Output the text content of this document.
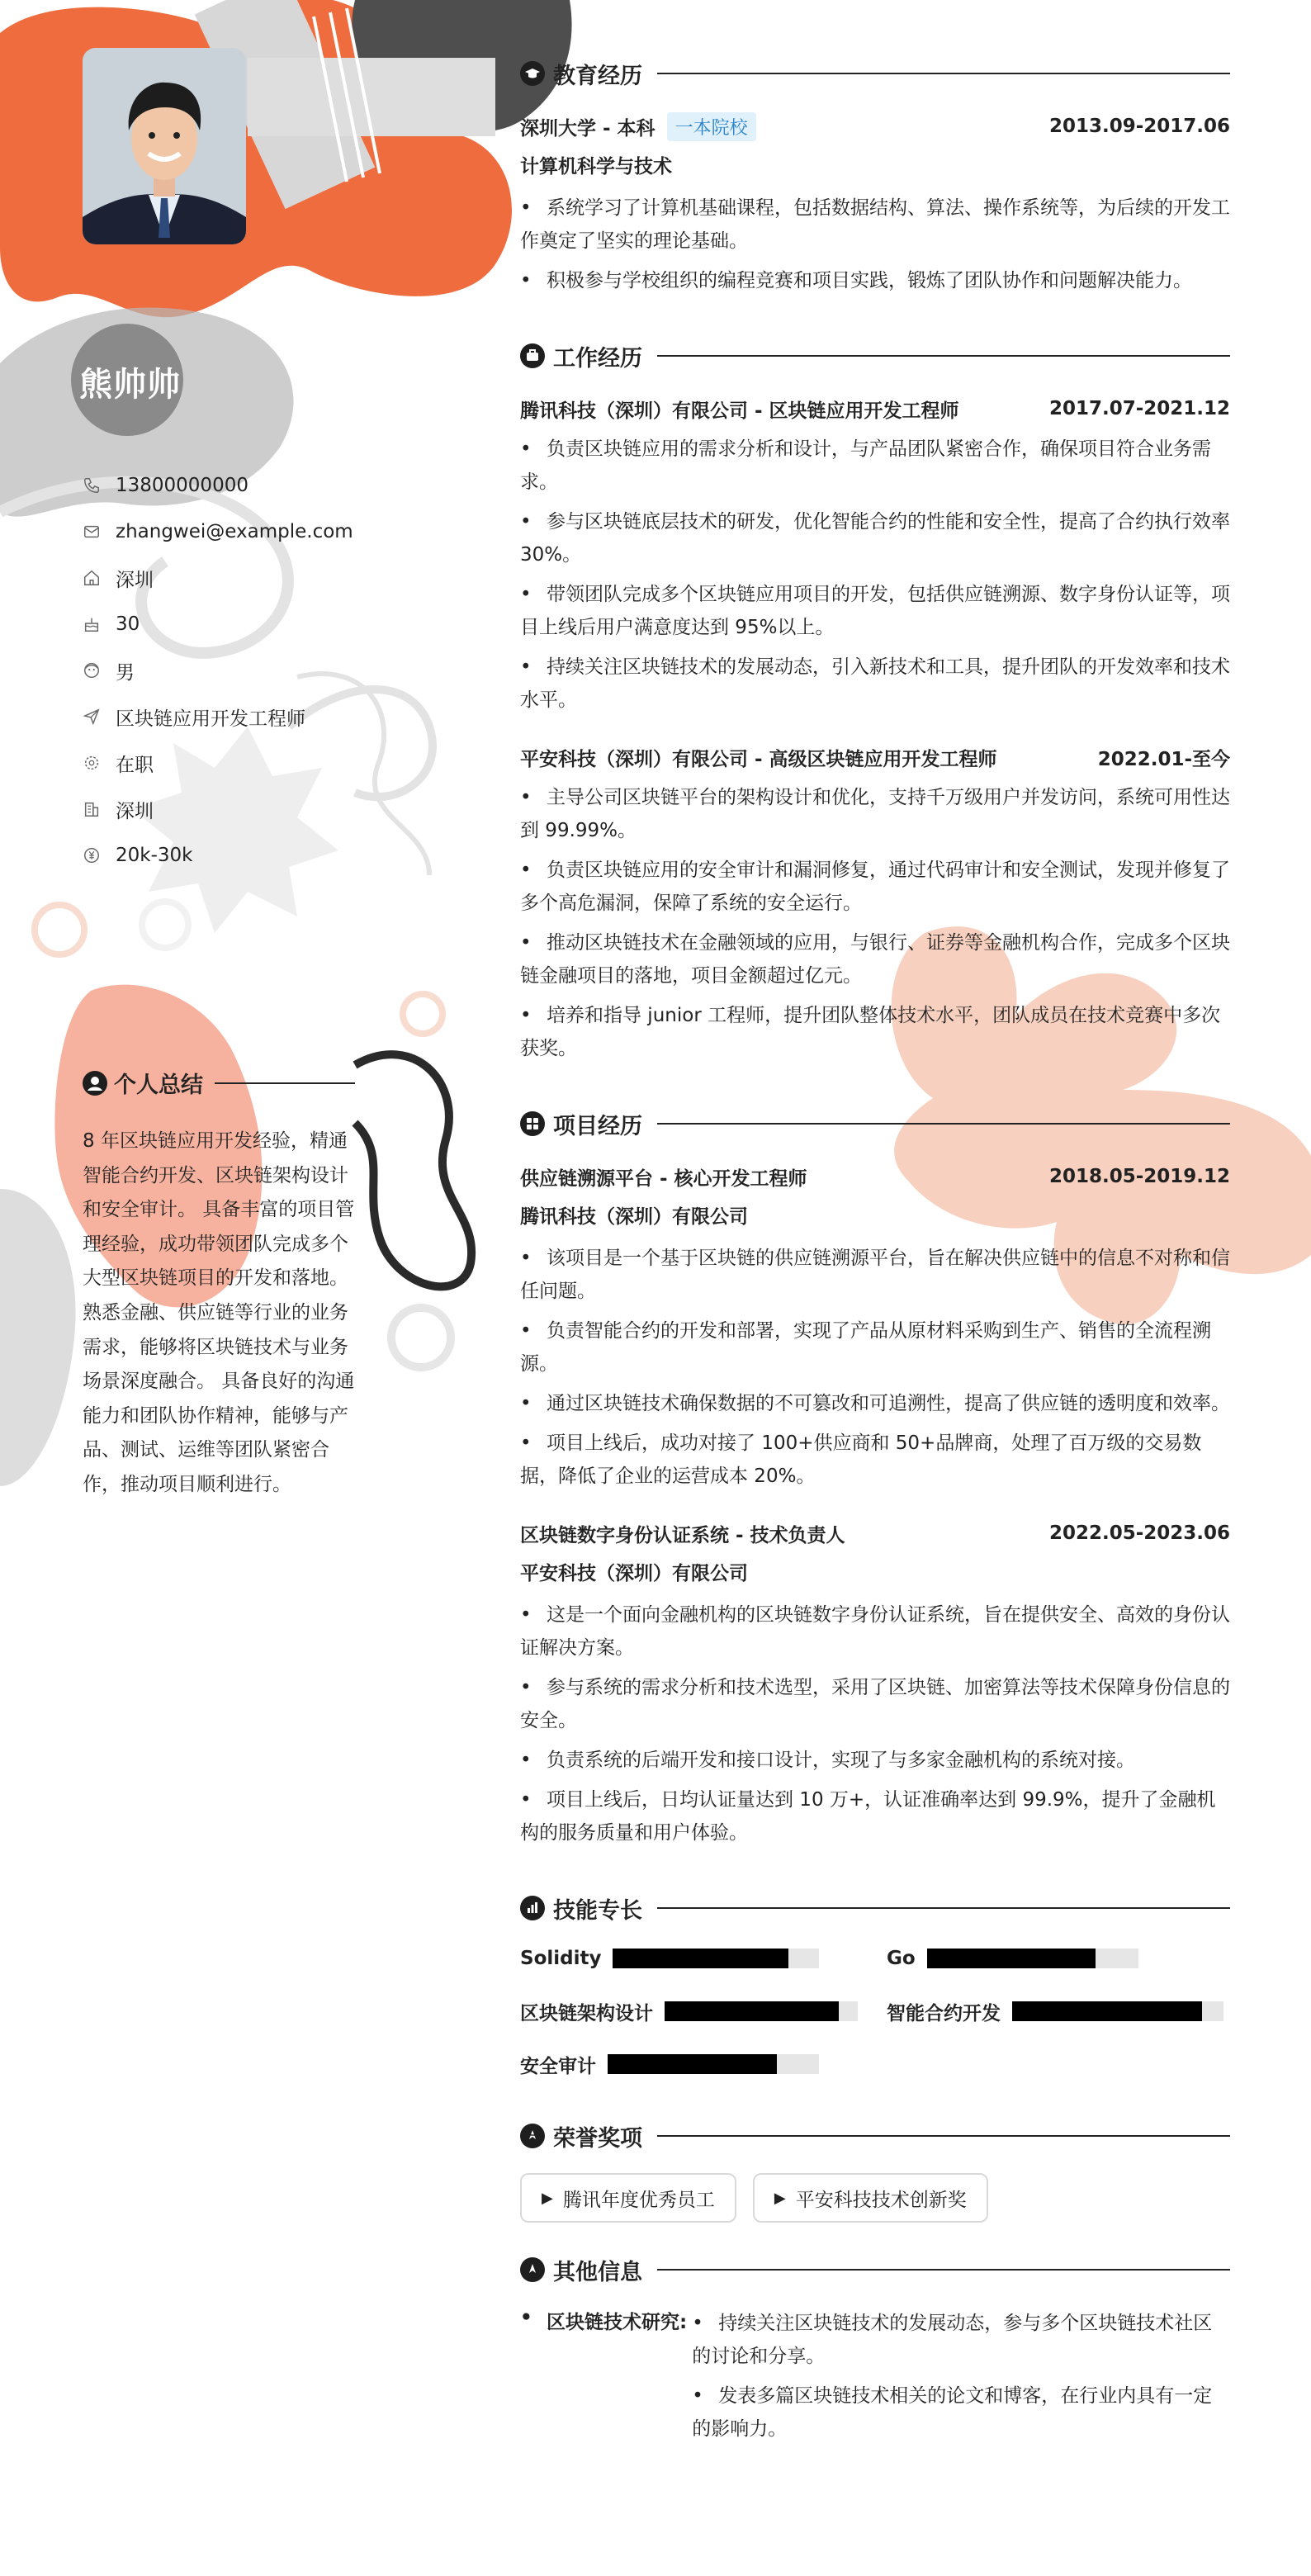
熊帅帅
13800000000
zhangwei@example.com
深圳
30
男
区块链应用开发工程师
在职
深圳
20k-30k
个人总结
8 年区块链应用开发经验，精通智能合约开发、区块链架构设计和安全审计。 具备丰富的项目管理经验，成功带领团队完成多个大型区块链项目的开发和落地。 熟悉金融、供应链等行业的业务需求，能够将区块链技术与业务场景深度融合。 具备良好的沟通能力和团队协作精神，能够与产品、测试、运维等团队紧密合作，推动项目顺利进行。
教育经历
深圳大学 - 本科	一本院校	2013.09-2017.06
计算机科学与技术
• 系统学习了计算机基础课程，包括数据结构、算法、操作系统等，为后续的开发工作奠定了坚实的理论基础。
• 积极参与学校组织的编程竞赛和项目实践，锻炼了团队协作和问题解决能力。
工作经历
腾讯科技（深圳）有限公司 - 区块链应用开发工程师	2017.07-2021.12
• 负责区块链应用的需求分析和设计，与产品团队紧密合作，确保项目符合业务需求。
• 参与区块链底层技术的研发，优化智能合约的性能和安全性，提高了合约执行效率 30%。
• 带领团队完成多个区块链应用项目的开发，包括供应链溯源、数字身份认证等，项目上线后用户满意度达到 95%以上。
• 持续关注区块链技术的发展动态，引入新技术和工具，提升团队的开发效率和技术水平。
平安科技（深圳）有限公司 - 高级区块链应用开发工程师	2022.01-至今
• 主导公司区块链平台的架构设计和优化，支持千万级用户并发访问，系统可用性达到 99.99%。
• 负责区块链应用的安全审计和漏洞修复，通过代码审计和安全测试，发现并修复了多个高危漏洞，保障了系统的安全运行。
• 推动区块链技术在金融领域的应用，与银行、证券等金融机构合作，完成多个区块链金融项目的落地，项目金额超过亿元。
• 培养和指导 junior 工程师，提升团队整体技术水平，团队成员在技术竞赛中多次获奖。
项目经历
供应链溯源平台 - 核心开发工程师	2018.05-2019.12
腾讯科技（深圳）有限公司
• 该项目是一个基于区块链的供应链溯源平台，旨在解决供应链中的信息不对称和信任问题。
• 负责智能合约的开发和部署，实现了产品从原材料采购到生产、销售的全流程溯源。
• 通过区块链技术确保数据的不可篡改和可追溯性，提高了供应链的透明度和效率。
• 项目上线后，成功对接了 100+供应商和 50+品牌商，处理了百万级的交易数据，降低了企业的运营成本 20%。
区块链数字身份认证系统 - 技术负责人	2022.05-2023.06
平安科技（深圳）有限公司
• 这是一个面向金融机构的区块链数字身份认证系统，旨在提供安全、高效的身份认证解决方案。
• 参与系统的需求分析和技术选型，采用了区块链、加密算法等技术保障身份信息的安全。
• 负责系统的后端开发和接口设计，实现了与多家金融机构的系统对接。
• 项目上线后，日均认证量达到 10 万+，认证准确率达到 99.9%，提升了金融机构的服务质量和用户体验。
技能专长
Solidity	Go
区块链架构设计	智能合约开发
安全审计
荣誉奖项
▶ 腾讯年度优秀员工	▶ 平安科技技术创新奖
其他信息
• 区块链技术研究:
•	持续关注区块链技术的发展动态，参与多个区块链技术社区的讨论和分享。
• 发表多篇区块链技术相关的论文和博客，在行业内具有一定的影响力。
